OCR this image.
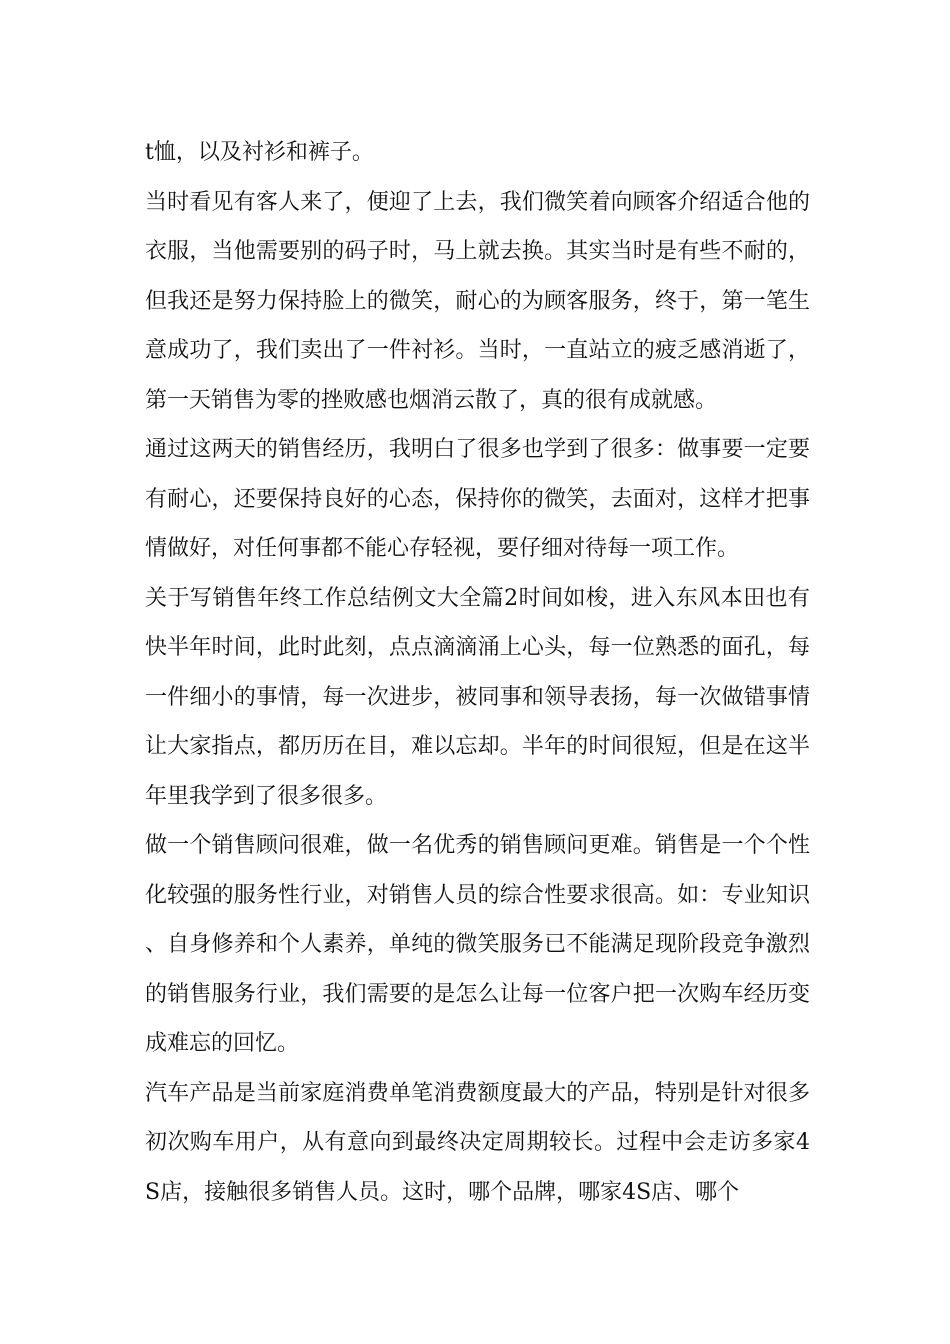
t恤，以及衬衫和裤子。

当时看见有客人来了，便迎了上去，我们微笑着向顾客介绍适合他的衣服，当他需要别的码子时，马上就去换。其实当时是有些不耐的，但我还是努力保持脸上的微笑，耐心的为顾客服务，终于，第一笔生意成功了，我们卖出了一件衬衫。当时，一直站立的疲乏感消逝了，第一天销售为零的挫败感也烟消云散了，真的很有成就感。

通过这两天的销售经历，我明白了很多也学到了很多：做事要一定要有耐心，还要保持良好的心态，保持你的微笑，去面对，这样才把事情做好，对任何事都不能心存轻视，要仔细对待每一项工作。

关于写销售年终工作总结例文大全篇2时间如梭，进入东风本田也有快半年时间，此时此刻，点点滴滴涌上心头，每一位熟悉的面孔，每一件细小的事情，每一次进步，被同事和领导表扬，每一次做错事情让大家指点，都历历在目，难以忘却。半年的时间很短，但是在这半年里我学到了很多很多。

做一个销售顾问很难，做一名优秀的销售顾问更难。销售是一个个性化较强的服务性行业，对销售人员的综合性要求很高。如：专业知识、自身修养和个人素养，单纯的微笑服务已不能满足现阶段竞争激烈的销售服务行业，我们需要的是怎么让每一位客户把一次购车经历变成难忘的回忆。

汽车产品是当前家庭消费单笔消费额度最大的产品，特别是针对很多初次购车用户，从有意向到最终决定周期较长。过程中会走访多家4S店，接触很多销售人员。这时，哪个品牌，哪家4S店、哪个
